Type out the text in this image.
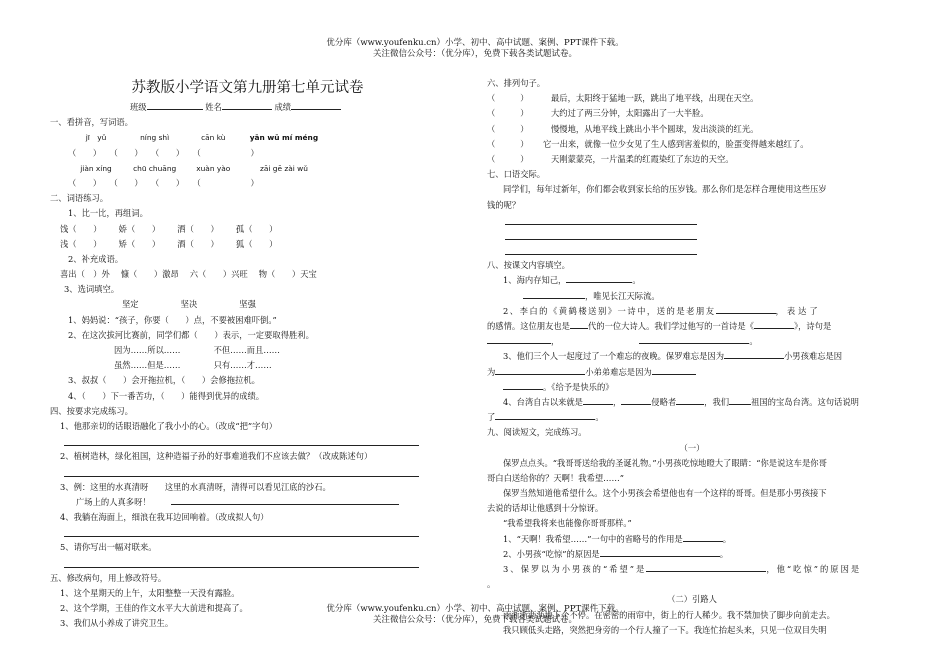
优分库（www.youfenku.cn）小学、初中、高中试题、案例、PPT课件下载。
关注微信公众号：（优分库），免费下载各类试题试卷。
苏教版小学语文第九册第七单元试卷
班级	姓名	成绩
一、看拼音，写词语。
jī　yǔ	níng shì	cān kù	yān wū mí méng
（　　）　　（　　）　　（　　）　　（　　　　　　）
jiàn xíng	chū chuāng	xuàn yào	zāi gē zài wǔ
（　　）　　（　　）　　（　　）　　（　　　　　　）
二、词语练习。
1、比一比，再组词。
饯（　　） 娇（　　） 洒（　　） 孤（　　）
浅（　　） 矫（　　） 酒（　　） 狐（　　）
2、补充成语。
喜出（　）外　 慷（　　）激昂　 六（　　）兴旺　 物（　　）天宝
3、选词填空。
坚定	坚决	坚强
1、妈妈说：“孩子，你要（　　）点，不要被困难吓倒。”
2、在这次拔河比赛前，同学们都（　　）表示，一定要取得胜利。
因为……所以……　　　　不但……而且……
虽然……但是……　　　　只有……才……
3、叔叔（　　）会开拖拉机，（　　）会修拖拉机。
4、（　　）下一番苦功，（　　）能得到优异的成绩。
四、按要求完成练习。
1、他那亲切的话眼语融化了我小小的心。（改成“把”字句）
2、植树造林，绿化祖国，这种造福子孙的好事难道我们不应该去做？（改成陈述句）
3、例：这里的水真清呀　　这里的水真清呀，清得可以看见江底的沙石。
广场上的人真多呀！
4、我躺在海面上，细浪在我耳边回响着。（改成拟人句）
5、请你写出一幅对联来。
五、修改病句，用上修改符号。
1、这个星期天的上午，太阳整整一天没有露脸。
2、这个学期，王佳的作文水平大大前进和提高了。
3、我们从小养成了讲究卫生。
六、排列句子。
（　　　）	最后，太阳终于猛地一跃，跳出了地平线，出现在天空。
（　　　）	大约过了两三分钟，太阳露出了一大半脸。
（　　　）	慢慢地，从地平线上跳出小半个圆球，发出淡淡的红光。
（　　　） 它一出来，就像一位少女见了生人感到害羞似的，脸蛋变得越来越红了。
（　　　）	天刚蒙蒙亮，一片温柔的红霞染红了东边的天空。
七、口语交际。
同学们，每年过新年，你们都会收到家长给的压岁钱。那么你们是怎样合理使用这些压岁
钱的呢？
八、按课文内容填空。
1、海内存知己，	。
，唯见长江天际流。
2、李白的《黄鹤楼送别》一诗中，送的是老朋友	，表达了
的感情。这位朋友也是 代的一位大诗人。我们学过他写的一首诗是《	》，诗句是
，	。
3、他们三个人一起度过了一个难忘的夜晚。保罗难忘是因为	小男孩难忘是因
为	小弟弟难忘是因为
。《给予是快乐的》
4、台湾自古以来就是	，	侵略者	，我们	祖国的宝岛台湾。这句话说明
了	。
九、阅读短文，完成练习。
（一）
保罗点点头。“我哥哥送给我的圣诞礼物。”小男孩吃惊地瞪大了眼睛：“你是说这车是你哥
哥白白送给你的？天啊！我希望……”
保罗当然知道他希望什么。这个小男孩会希望他也有一个这样的哥哥。但是那小男孩接下
去说的话却让他感到十分惊讶。
“我希望我将来也能像你哥哥那样。”
1、“天啊！我希望……”一句中的省略号的作用是	。
2、小男孩“吃惊”的原因是	。
3、保罗以为小男孩的“希望”是	，他“吃惊”的原因是
。
（二）引路人
雨淅淅沥沥地下个不停。在密密的雨帘中，街上的行人稀少。我不禁加快了脚步向前走去。
我只顾低头走路，突然把身旁的一个行人撞了一下。我连忙抬起头来，只见一位双目失明
优分库（www.youfenku.cn）小学、初中、高中试题、案例、PPT课件下载。
关注微信公众号：（优分库），免费下载各类试题试卷。
